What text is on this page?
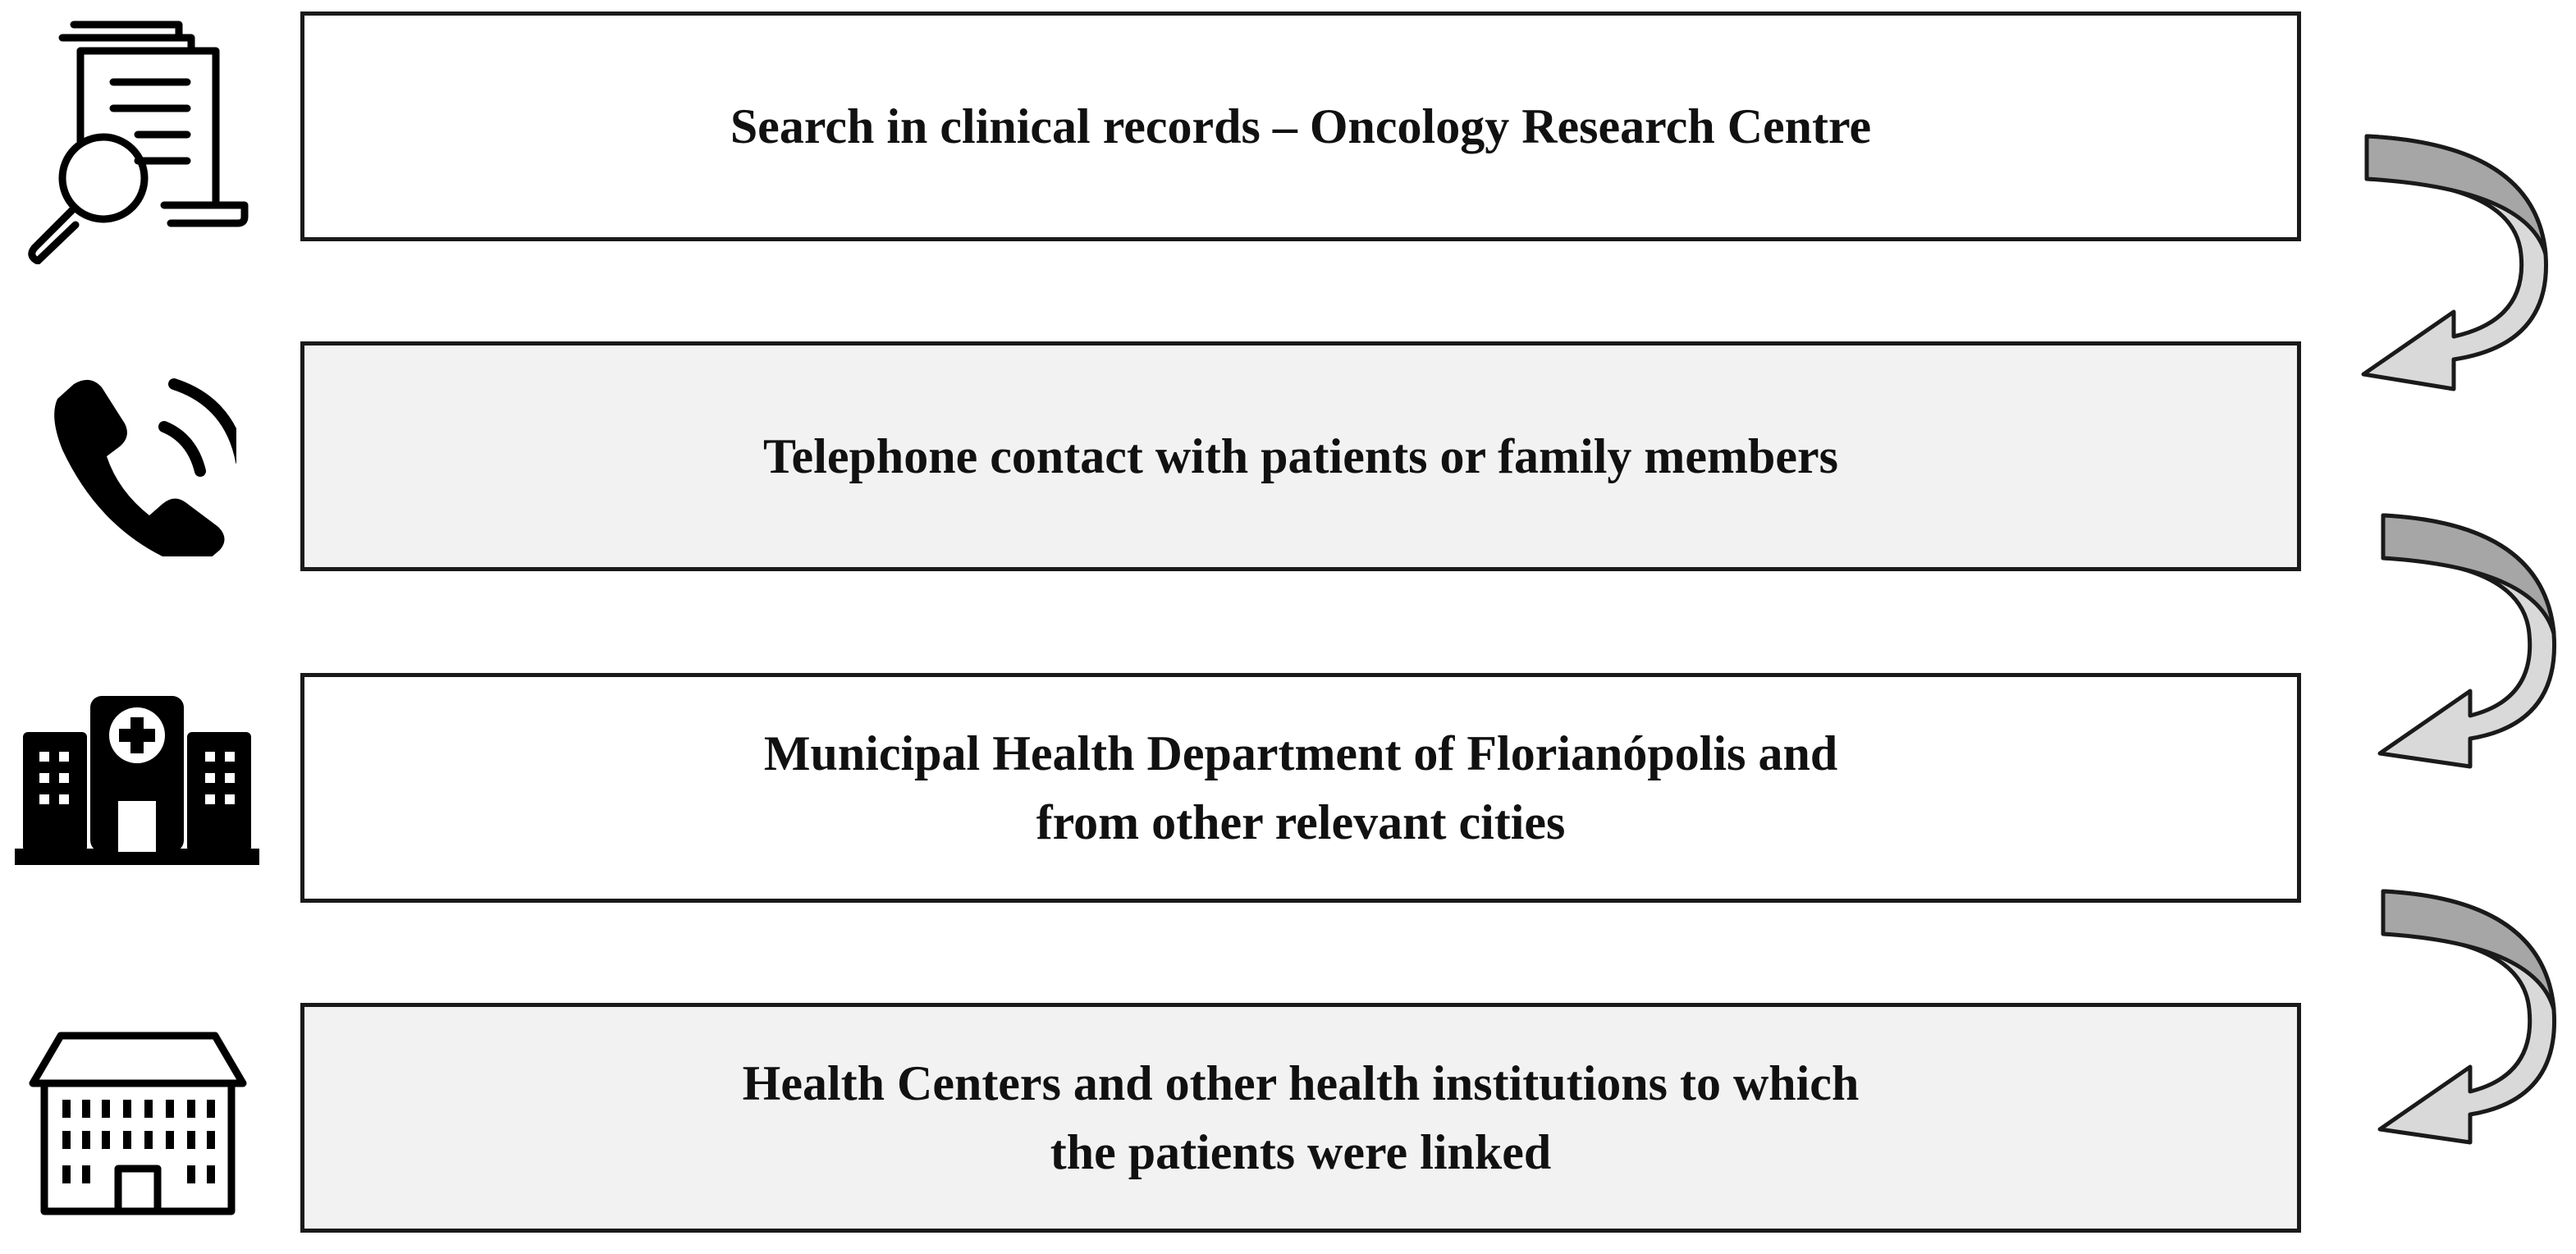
Search in clinical records – Oncology Research Centre
Telephone contact with patients or family members
Municipal Health Department of Florianópolis and
from other relevant cities
Health Centers and other health institutions to which
the patients were linked
